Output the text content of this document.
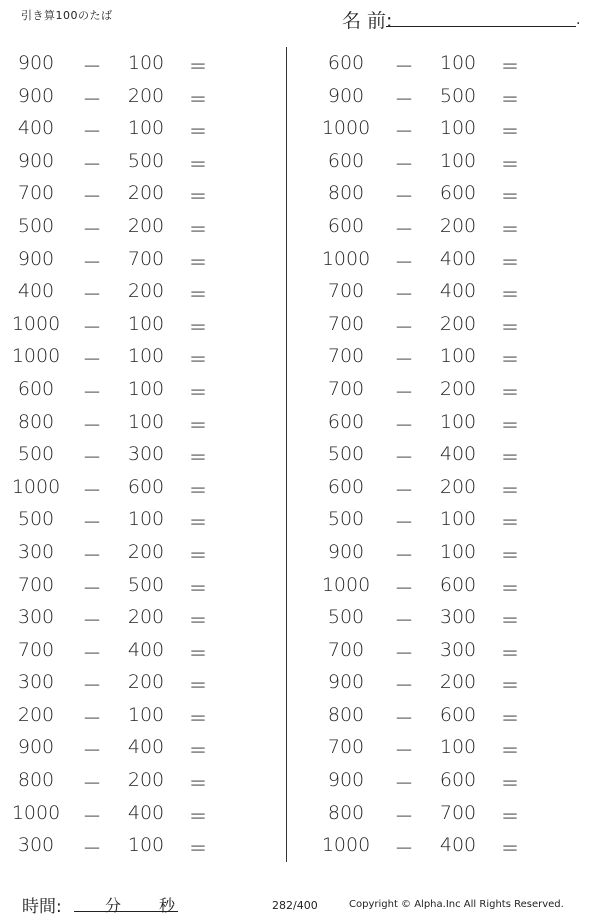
引き算100のたば	名 前:	.
900	－	100	＝
900	－	200	＝
400	－	100	＝
900	－	500	＝
700	－	200	＝
500	－	200	＝
900	－	700	＝
400	－	200	＝
1000 －	100	＝
1000 －	100	＝
600	－	100	＝
800	－	100	＝
500	－	300	＝
1000 －	600	＝
500	－	100	＝
300	－	200	＝
700	－	500	＝
300	－	200	＝
700	－	400	＝
300	－	200	＝
200	－	100	＝
900	－	400	＝
800	－	200	＝
1000 －	400	＝
300	－	100	＝
600	－	100	＝
900	－	500	＝
1000 －	100	＝
600	－	100	＝
800	－	600	＝
600	－	200	＝
1000 －	400	＝
700	－	400	＝
700	－	200	＝
700	－	100	＝
700	－	200	＝
600	－	100	＝
500	－	400	＝
600	－	200	＝
500	－	100	＝
900	－	100	＝
1000 －	600	＝
500	－	300	＝
700	－	300	＝
900	－	200	＝
800	－	600	＝
700	－	100	＝
900	－	600	＝
800	－	700	＝
1000 －	400	＝
時間:	分 秒	282/400	Copyright © Alpha.Inc All Rights Reserved.
